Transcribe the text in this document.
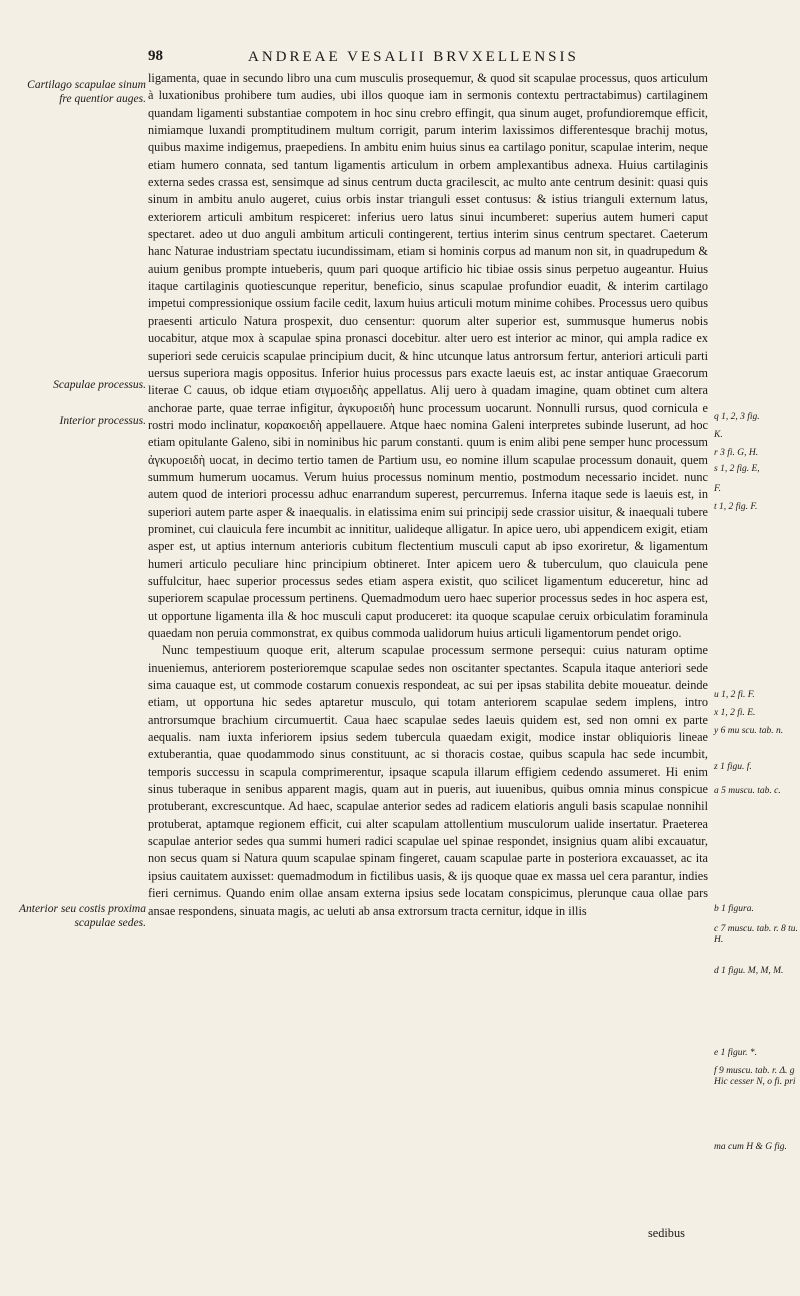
98	ANDREAE VESALII BRVXELLENSIS
Cartilago scapulae sinum fre quentior auges.
Scapulae processus.
Interior processus.
Anterior seu costis proxima scapulae sedes.
q 1, 2, 3 fig.
K.
r 3 fi. G, H.
s 1, 2 fig. E,
F.
t 1, 2 fig. F.
u 1, 2 fi. F.
x 1, 2 fi. E.
y 6 mu scu. tab. n.
z 1 figu. f.
a 5 muscu. tab. c.
b 1 figura.
c 7 muscu. tab. r. 8 tu. H.
d 1 figu. M, M, M.
e 1 figur. *.
f 9 muscu. tab. r. Δ. g Hic cesser N, o fi. pri
ma cum H & G fig.

ligamenta, quae in secundo libro una cum musculis prosequemur, & quod sit scapulae processus, quos articulum à luxationibus prohibere tum audies, ubi illos quoque iam in sermonis contextu pertractabimus) cartilaginem quandam ligamenti substantiae compotem in hoc sinu crebro effingit, qua sinum auget, profundioremque efficit, nimiamque luxandi promptitudinem multum corrigit, parum interim laxissimos differentesque brachij motus, quibus maxime indigemus, praepediens. In ambitu enim huius sinus ea cartilago ponitur, scapulae interim, neque etiam humero connata, sed tantum ligamentis articulum in orbem amplexantibus adnexa. Huius cartilaginis externa sedes crassa est, sensimque ad sinus centrum ducta gracilescit, ac multo ante centrum desinit: quasi quis sinum in ambitu anulo augeret, cuius orbis instar trianguli esset contusus: & istius trianguli externum latus, exteriorem articuli ambitum respiceret: inferius uero latus sinui incumberet: superius autem humeri caput spectaret. adeo ut duo anguli ambitum articuli contingerent, tertius interim sinus centrum spectaret. Caeterum hanc Naturae industriam spectatu iucundissimam, etiam si hominis corpus ad manum non sit, in quadrupedum & auium genibus prompte intueberis, quum pari quoque artificio hic tibiae ossis sinus perpetuo augeantur. Huius itaque cartilaginis quotiescunque reperitur, beneficio, sinus scapulae profundior euadit, & interim cartilago impetui compressionique ossium facile cedit, laxum huius articuli motum minime cohibes. Processus uero quibus praesenti articulo Natura prospexit, duo censentur: quorum alter superior est, summusque humerus nobis uocabitur, atque mox à scapulae spina pronasci docebitur. alter uero est interior ac minor, qui ampla radice ex superiori sede ceruicis scapulae principium ducit, & hinc utcunque latus antrorsum fertur, anteriori articuli parti uersus superiora magis oppositus. Inferior huius processus pars exacte laeuis est, ac instar antiquae Graecorum literae C cauus, ob idque etiam σιγμοειδὴς appellatus. Alij uero à quadam imagine, quam obtinet cum altera anchorae parte, quae terrae infigitur, ἀγκυροειδὴ hunc processum uocarunt. Nonnulli rursus, quod cornicula e rostri modo inclinatur, κορακοειδὴ appellauere. Atque haec nomina Galeni interpretes subinde luserunt, ad hoc etiam opitulante Galeno, sibi in nominibus hic parum constanti. quum is enim alibi pene semper hunc processum ἀγκυροειδὴ uocat, in decimo tertio tamen de Partium usu, eo nomine illum scapulae processum donauit, quem summum humerum uocamus. Verum huius processus nominum mentio, postmodum necessario incidet. nunc autem quod de interiori processu adhuc enarrandum superest, percurremus. Inferna itaque sede is laeuis est, in superiori autem parte asper & inaequalis. in elatissima enim sui principij sede crassior uisitur, & inaequali tubere prominet, cui clauicula fere incumbit ac innititur, ualideque alligatur. In apice uero, ubi appendicem exigit, etiam asper est, ut aptius internum anterioris cubitum flectentium musculi caput ab ipso exoriretur, & ligamentum humeri articulo peculiare hinc principium obtineret. Inter apicem uero & tuberculum, quo clauicula pene suffulcitur, haec superior processus sedes etiam aspera existit, quo scilicet ligamentum educeretur, hinc ad superiorem scapulae processum pertinens. Quemadmodum uero haec superior processus sedes in hoc aspera est, ut opportune ligamenta illa & hoc musculi caput produceret: ita quoque scapulae ceruix orbiculatim foraminula quaedam non peruia commonstrat, ex quibus commoda ualidorum huius articuli ligamentorum pendet origo.

Nunc tempestiuum quoque erit, alterum scapulae processum sermone persequi: cuius naturam optime inueniemus, anteriorem posterioremque scapulae sedes non oscitanter spectantes. Scapula itaque anteriori sede sima cauaque est, ut commode costarum conuexis respondeat, ac sui per ipsas stabilita debite moueatur. deinde etiam, ut opportuna hic sedes aptaretur musculo, qui totam anteriorem scapulae sedem implens, intro antrorsumque brachium circumuertit. Caua haec scapulae sedes laeuis quidem est, sed non omni ex parte aequalis. nam iuxta inferiorem ipsius sedem tubercula quaedam exigit, modice instar obliquioris lineae extuberantia, quae quodammodo sinus constituunt, ac si thoracis costae, quibus scapula hac sede incumbit, temporis successu in scapula comprimerentur, ipsaque scapula illarum effigiem cedendo assumeret. Hi enim sinus tuberaque in senibus apparent magis, quam aut in pueris, aut iuuenibus, quibus omnia minus conspicue protuberant, excrescuntque. Ad haec, scapulae anterior sedes ad radicem elatioris anguli basis scapulae nonnihil protuberat, aptamque regionem efficit, cui alter scapulam attollentium musculorum ualide insertatur. Praeterea scapulae anterior sedes qua summi humeri radici scapulae uel spinae respondet, insignius quam alibi excauatur, non secus quam si Natura quum scapulae spinam fingeret, cauam scapulae parte in posteriora excauasset, ac ita ipsius cauitatem auxisset: quemadmodum in fictilibus uasis, & ijs quoque quae ex massa uel cera parantur, indies fieri cernimus. Quando enim ollae ansam externa ipsius sede locatam conspicimus, plerunque caua ollae pars ansae respondens, sinuata magis, ac ueluti ab ansa extrorsum tracta cernitur, idque in illis

sedibus
